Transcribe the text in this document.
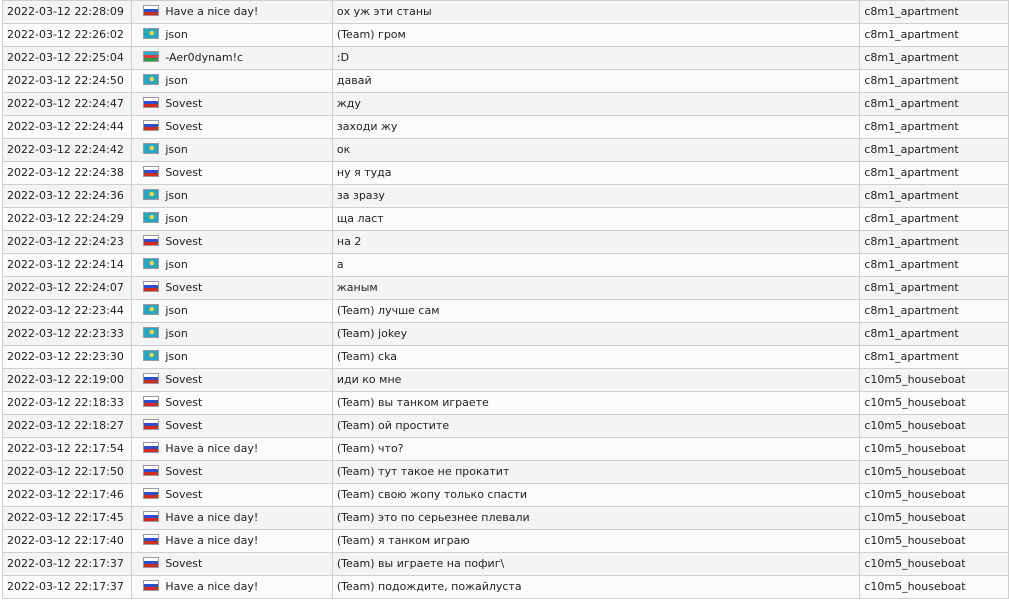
2022-03-12 22:28:09	Have a nice day!	ох уж эти станы	c8m1_apartment
2022-03-12 22:26:02	json	(Team) гром	c8m1_apartment
2022-03-12 22:25:04	-Aer0dynam!c	:D	c8m1_apartment
2022-03-12 22:24:50	json	давай	c8m1_apartment
2022-03-12 22:24:47	Sovest	жду	c8m1_apartment
2022-03-12 22:24:44	Sovest	заходи жу	c8m1_apartment
2022-03-12 22:24:42	json	ок	c8m1_apartment
2022-03-12 22:24:38	Sovest	ну я туда	c8m1_apartment
2022-03-12 22:24:36	json	за зразу	c8m1_apartment
2022-03-12 22:24:29	json	ща ласт	c8m1_apartment
2022-03-12 22:24:23	Sovest	на 2	c8m1_apartment
2022-03-12 22:24:14	json	а	c8m1_apartment
2022-03-12 22:24:07	Sovest	жаным	c8m1_apartment
2022-03-12 22:23:44	json	(Team) лучше сам	c8m1_apartment
2022-03-12 22:23:33	json	(Team) jokey	c8m1_apartment
2022-03-12 22:23:30	json	(Team) cka	c8m1_apartment
2022-03-12 22:19:00	Sovest	иди ко мне	c10m5_houseboat
2022-03-12 22:18:33	Sovest	(Team) вы танком играете	c10m5_houseboat
2022-03-12 22:18:27	Sovest	(Team) ой простите	c10m5_houseboat
2022-03-12 22:17:54	Have a nice day!	(Team) что?	c10m5_houseboat
2022-03-12 22:17:50	Sovest	(Team) тут такое не прокатит	c10m5_houseboat
2022-03-12 22:17:46	Sovest	(Team) свою жопу только спасти	c10m5_houseboat
2022-03-12 22:17:45	Have a nice day!	(Team) это по серьезнее плевали	c10m5_houseboat
2022-03-12 22:17:40	Have a nice day!	(Team) я танком играю	c10m5_houseboat
2022-03-12 22:17:37	Sovest	(Team) вы играете на пофиг\	c10m5_houseboat
2022-03-12 22:17:37	Have a nice day!	(Team) подождите, пожайлуста	c10m5_houseboat
